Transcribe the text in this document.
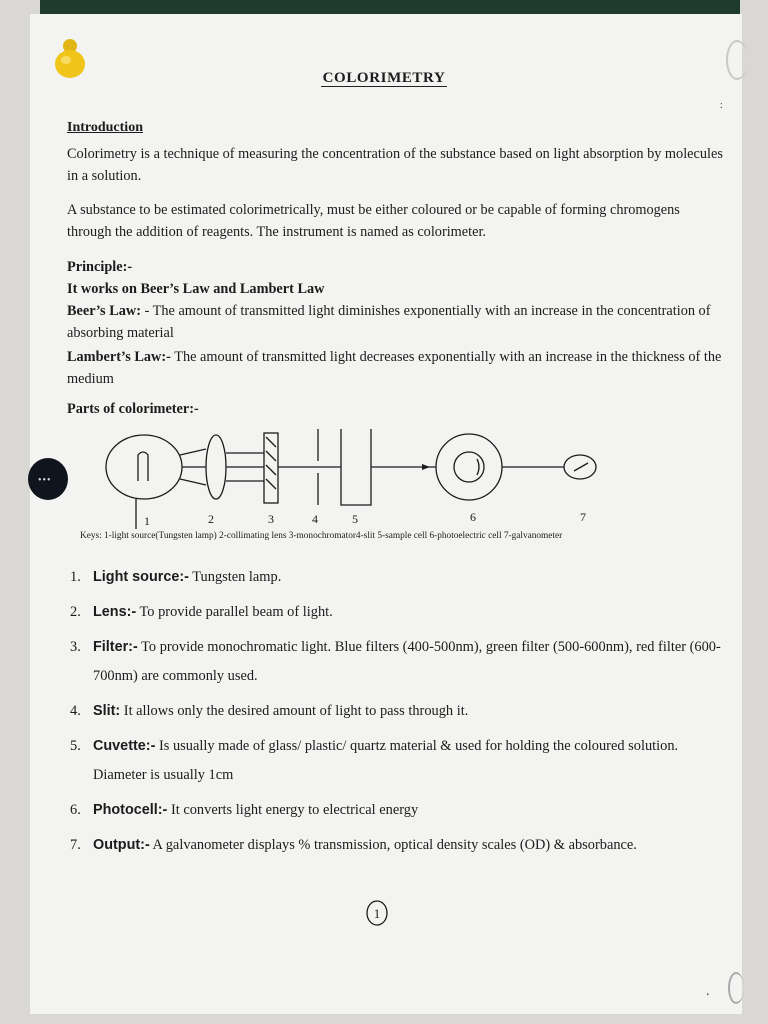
•••
:
.
COLORIMETRY
Introduction
Colorimetry is a technique of measuring the concentration of the substance based on light absorption by molecules in a solution.
A substance to be estimated colorimetrically, must be either coloured or be capable of forming chromogens through the addition of reagents. The instrument is named as colorimeter.
Principle:-
It works on Beer’s Law and Lambert Law
Beer’s Law: - The amount of transmitted light diminishes exponentially with an increase in the concentration of absorbing material
Lambert’s Law:- The amount of transmitted light decreases exponentially with an increase in the thickness of the medium
Parts of colorimeter:-
1	2	3	4	5	6	7
Keys: 1-light source(Tungsten lamp) 2-collimating lens 3-monochromator4-slit 5-sample cell 6-photoelectric cell 7-galvanometer
1. Light source:- Tungsten lamp.
2. Lens:- To provide parallel beam of light.
3. Filter:- To provide monochromatic light. Blue filters (400-500nm), green filter (500-600nm), red filter (600-700nm) are commonly used.
4. Slit: It allows only the desired amount of light to pass through it.
5. Cuvette:- Is usually made of glass/ plastic/ quartz material & used for holding the coloured solution. Diameter is usually 1cm
6. Photocell:- It converts light energy to electrical energy
7. Output:- A galvanometer displays % transmission, optical density scales (OD) & absorbance.
1
